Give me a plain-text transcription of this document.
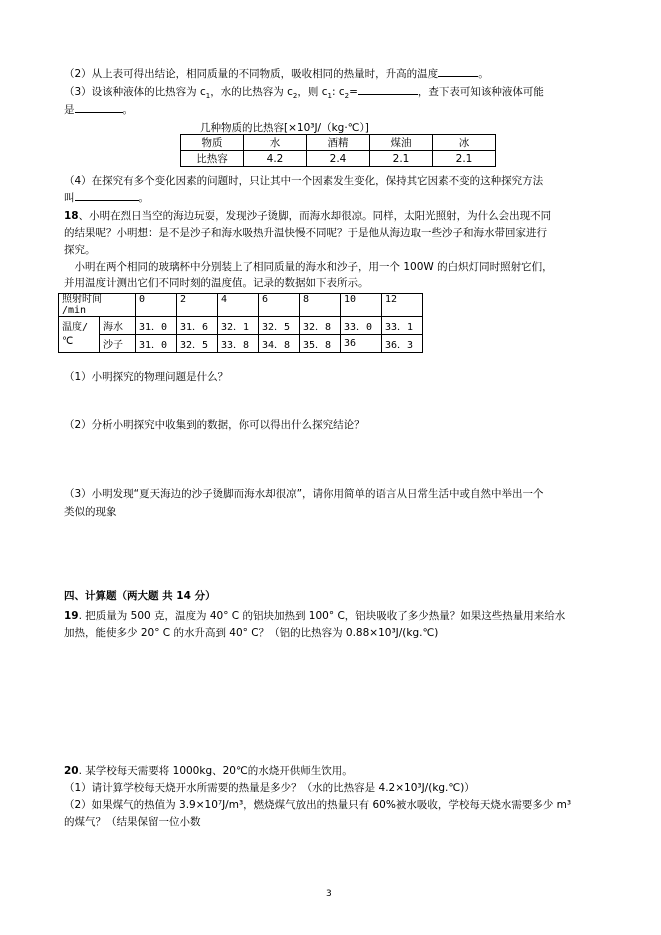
（2）从上表可得出结论，相同质量的不同物质，吸收相同的热量时，升高的温度	。
（3）设该种液体的比热容为 $c_1$，水的比热容为 $c_2$，则 $c_1$: $c_2=$	，查下表可知该种液体可能
是	。
几种物质的比热容[×10³J/（kg·℃）]
物质	水	酒精	煤油	冰
比热容	4.2	2.4	2.1	2.1
（4）在探究有多个变化因素的问题时，只让其中一个因素发生变化，保持其它因素不变的这种探究方法
叫	。
18、小明在烈日当空的海边玩耍，发现沙子烫脚，而海水却很凉。同样，太阳光照射，为什么会出现不同
的结果呢？小明想：是不是沙子和海水吸热升温快慢不同呢？于是他从海边取一些沙子和海水带回家进行
探究。
　小明在两个相同的玻璃杯中分别装上了相同质量的海水和沙子，用一个 100W 的白炽灯同时照射它们，
并用温度计测出它们不同时刻的温度值。记录的数据如下表所示。
照射时间
/min		0	2	4	6	8	10	12
温度/
℃	海水	31．0	31．6	32．1	32．5	32．8	33．0	33．1
	沙子	31．0	32．5	33．8	34．8	35．8	36	36．3
（1）小明探究的物理问题是什么？
（2）分析小明探究中收集到的数据，你可以得出什么探究结论？
（3）小明发现“夏天海边的沙子烫脚而海水却很凉”，请你用简单的语言从日常生活中或自然中举出一个
类似的现象
四、计算题（两大题 共 14 分）
19. 把质量为 500 克，温度为 40° C 的铝块加热到 100° C，铝块吸收了多少热量？如果这些热量用来给水
加热，能使多少 20° C 的水升高到 40° C？（铝的比热容为 0.88×10³J/(kg.℃)
20. 某学校每天需要将 1000kg、20℃的水烧开供师生饮用。
（1）请计算学校每天烧开水所需要的热量是多少？（水的比热容是 4.2×10³J/(kg.℃)）
（2）如果煤气的热值为 3.9×10⁷J/m³，燃烧煤气放出的热量只有 60%被水吸收，学校每天烧水需要多少 m³
的煤气？（结果保留一位小数
3
